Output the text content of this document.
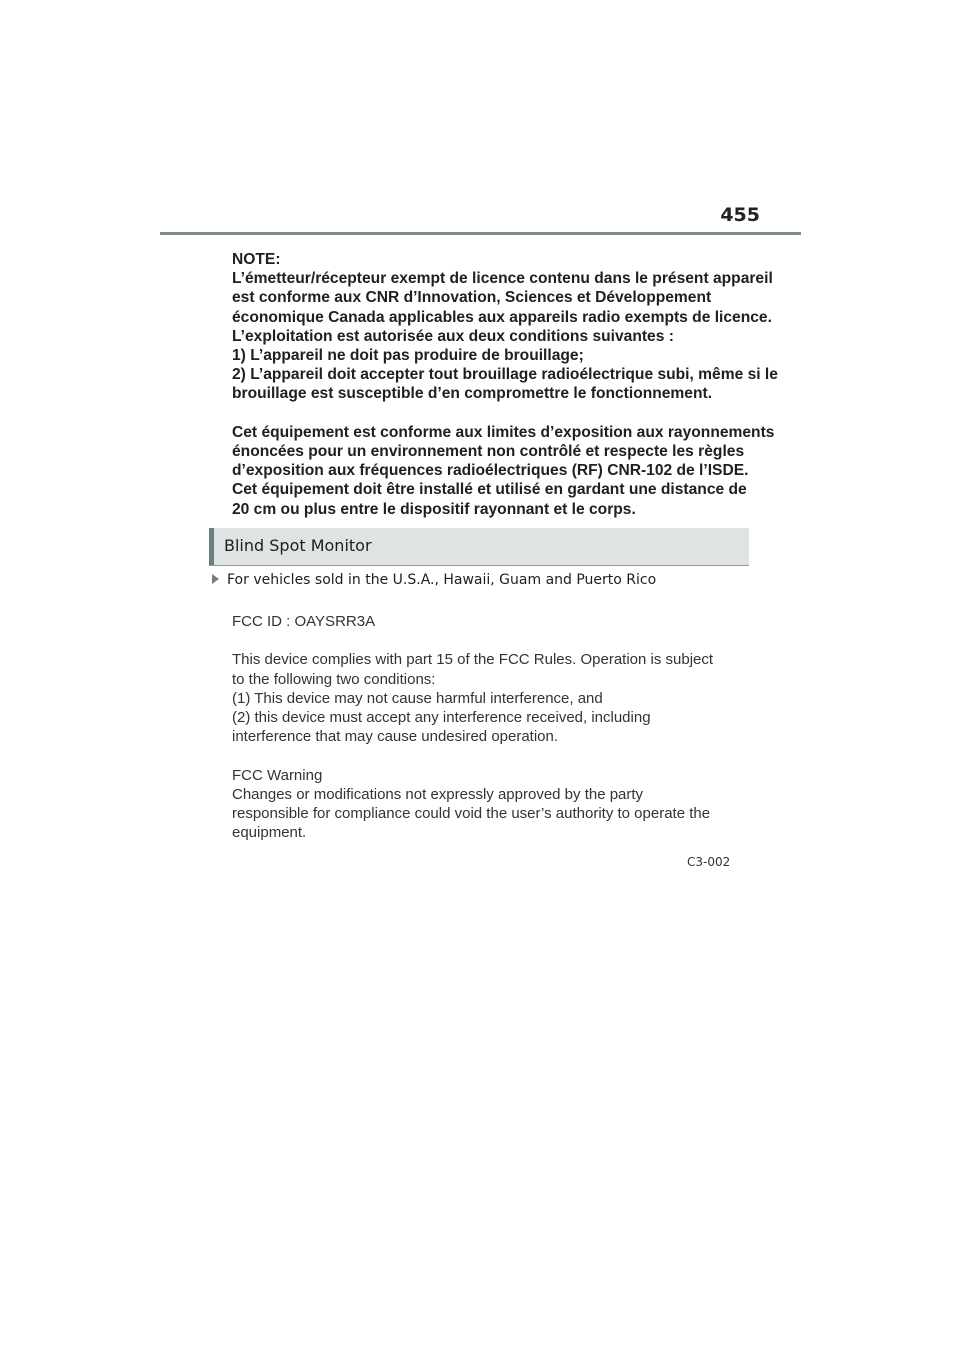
455
NOTE:
L’émetteur/récepteur exempt de licence contenu dans le présent appareil
est conforme aux CNR d’Innovation, Sciences et Développement
économique Canada applicables aux appareils radio exempts de licence.
L’exploitation est autorisée aux deux conditions suivantes :
1) L’appareil ne doit pas produire de brouillage;
2) L’appareil doit accepter tout brouillage radioélectrique subi, même si le
brouillage est susceptible d’en compromettre le fonctionnement.
Cet équipement est conforme aux limites d’exposition aux rayonnements
énoncées pour un environnement non contrôlé et respecte les règles
d’exposition aux fréquences radioélectriques (RF) CNR-102 de l’ISDE.
Cet équipement doit être installé et utilisé en gardant une distance de
20 cm ou plus entre le dispositif rayonnant et le corps.
Blind Spot Monitor
For vehicles sold in the U.S.A., Hawaii, Guam and Puerto Rico
FCC ID : OAYSRR3A
This device complies with part 15 of the FCC Rules. Operation is subject
to the following two conditions:
(1) This device may not cause harmful interference, and
(2) this device must accept any interference received, including
interference that may cause undesired operation.
FCC Warning
Changes or modifications not expressly approved by the party
responsible for compliance could void the user’s authority to operate the
equipment.
C3-002
